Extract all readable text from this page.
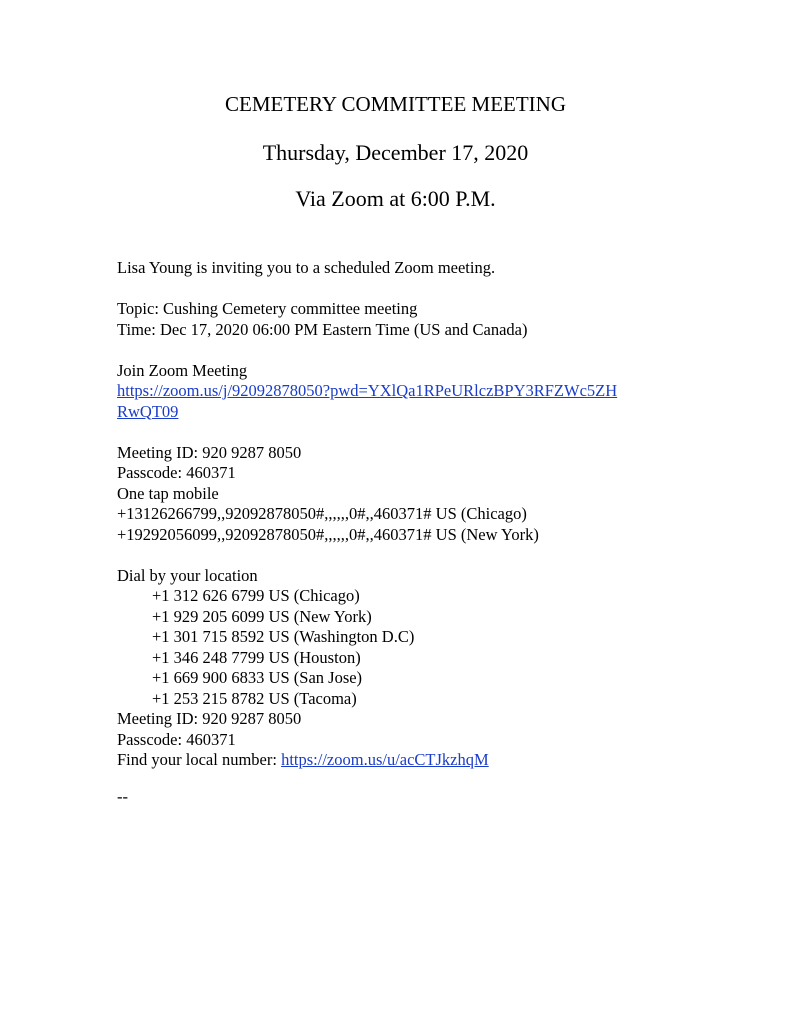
CEMETERY COMMITTEE MEETING
Thursday, December 17, 2020
Via Zoom at 6:00 P.M.
Lisa Young is inviting you to a scheduled Zoom meeting.
Topic: Cushing Cemetery committee meeting
Time: Dec 17, 2020 06:00 PM Eastern Time (US and Canada)
Join Zoom Meeting
https://zoom.us/j/92092878050?pwd=YXlQa1RPeURlczBPY3RFZWc5ZH
RwQT09
Meeting ID: 920 9287 8050
Passcode: 460371
One tap mobile
+13126266799,,92092878050#,,,,,,0#,,460371# US (Chicago)
+19292056099,,92092878050#,,,,,,0#,,460371# US (New York)
Dial by your location
+1 312 626 6799 US (Chicago)
+1 929 205 6099 US (New York)
+1 301 715 8592 US (Washington D.C)
+1 346 248 7799 US (Houston)
+1 669 900 6833 US (San Jose)
+1 253 215 8782 US (Tacoma)
Meeting ID: 920 9287 8050
Passcode: 460371
Find your local number: https://zoom.us/u/acCTJkzhqM
--
